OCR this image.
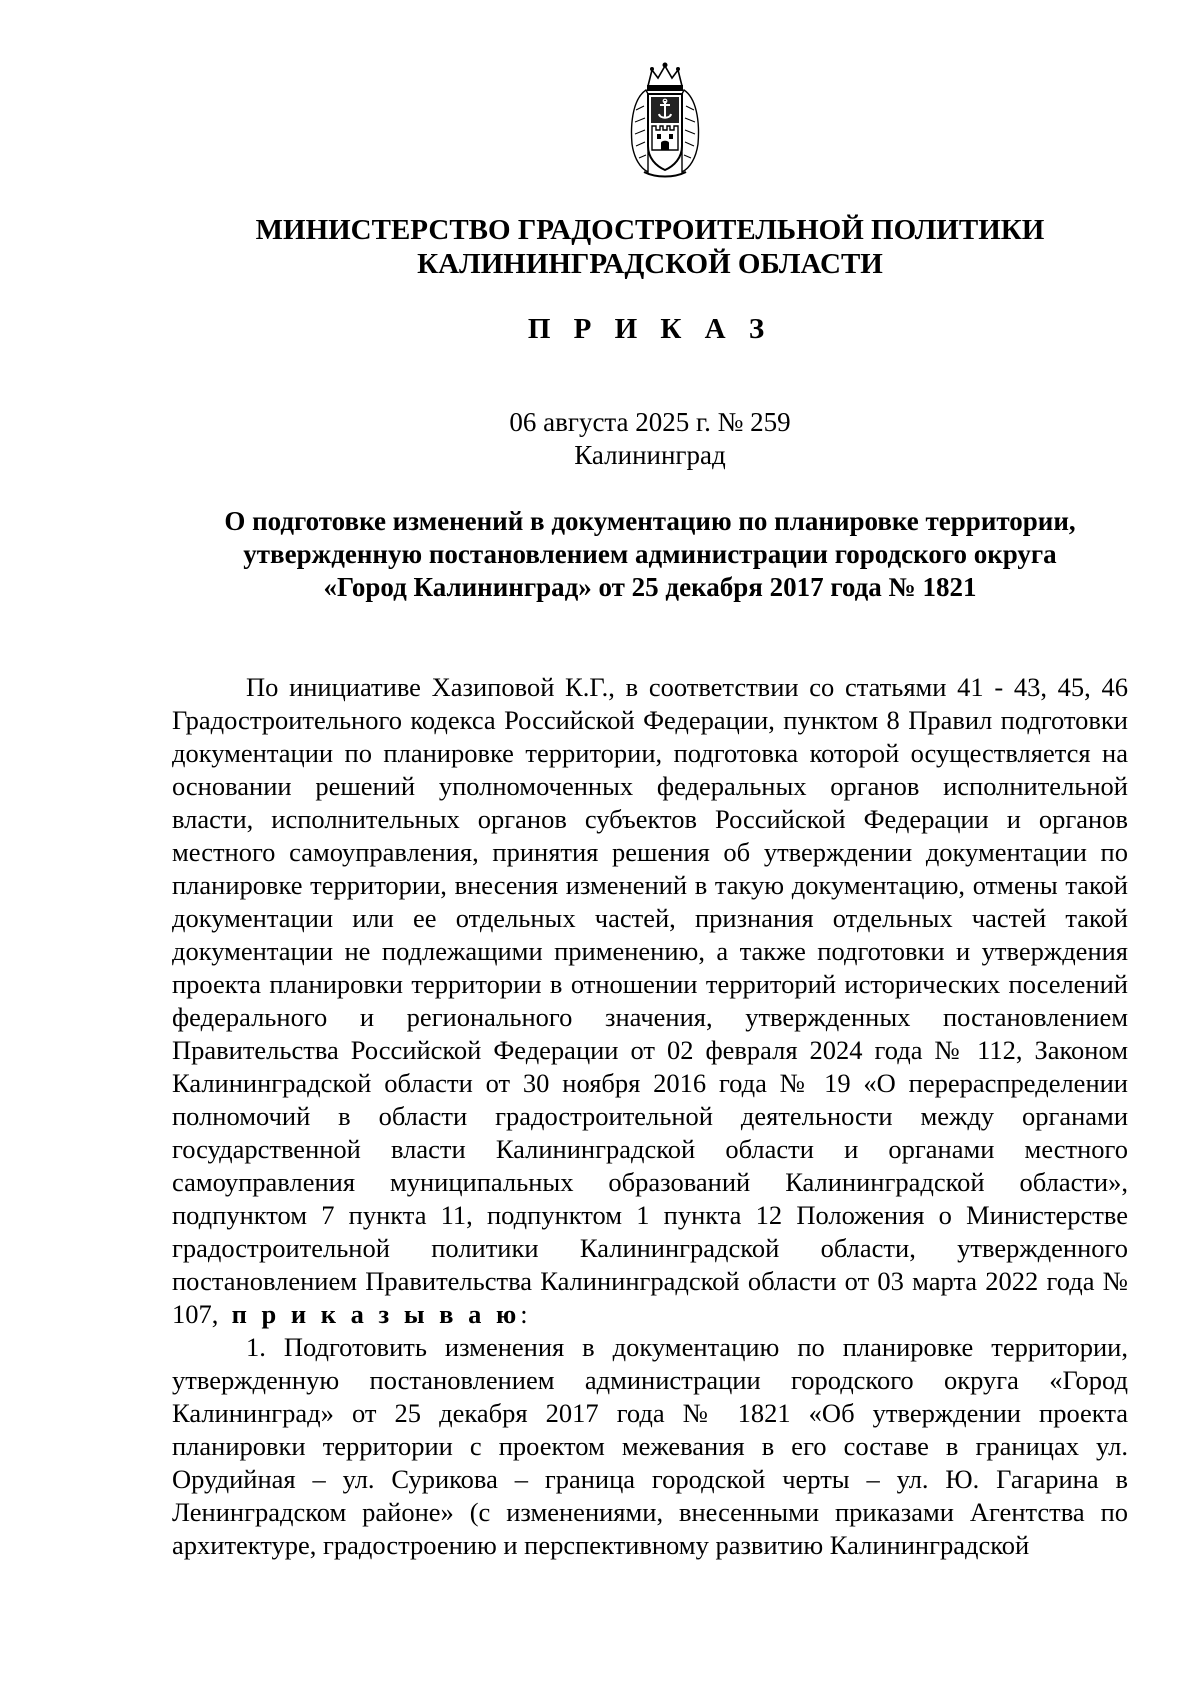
МИНИСТЕРСТВО ГРАДОСТРОИТЕЛЬНОЙ ПОЛИТИКИ
КАЛИНИНГРАДСКОЙ ОБЛАСТИ
П Р И К А З
06 августа 2025 г. № 259
Калининград
О подготовке изменений в документацию по планировке территории,
утвержденную постановлением администрации городского округа
«Город Калининград» от 25 декабря 2017 года № 1821

По инициативе Хазиповой К.Г., в соответствии со статьями 41 - 43, 45, 46 Градостроительного кодекса Российской Федерации, пунктом 8 Правил подготовки документации по планировке территории, подготовка которой осуществляется на основании решений уполномоченных федеральных органов исполнительной власти, исполнительных органов субъектов Российской Федерации и органов местного самоуправления, принятия решения об утверждении документации по планировке территории, внесения изменений в такую документацию, отмены такой документации или ее отдельных частей, признания отдельных частей такой документации не подлежащими применению, а также подготовки и утверждения проекта планировки территории в отношении территорий исторических поселений федерального и регионального значения, утвержденных постановлением Правительства Российской Федерации от 02 февраля 2024 года № 112, Законом Калининградской области от 30 ноября 2016 года № 19 «О перераспределении полномочий в области градостроительной деятельности между органами государственной власти Калининградской области и органами местного самоуправления муниципальных образований Калининградской области», подпунктом 7 пункта 11, подпунктом 1 пункта 12 Положения о Министерстве градостроительной политики Калининградской области, утвержденного постановлением Правительства Калининградской области от 03 марта 2022 года № 107, п р и к а з ы в а ю:

1. Подготовить изменения в документацию по планировке территории, утвержденную постановлением администрации городского округа «Город Калининград» от 25 декабря 2017 года № 1821 «Об утверждении проекта планировки территории с проектом межевания в его составе в границах ул. Орудийная – ул. Сурикова – граница городской черты – ул. Ю. Гагарина в Ленинградском районе» (с изменениями, внесенными приказами Агентства по архитектуре, градостроению и перспективному развитию Калининградской
